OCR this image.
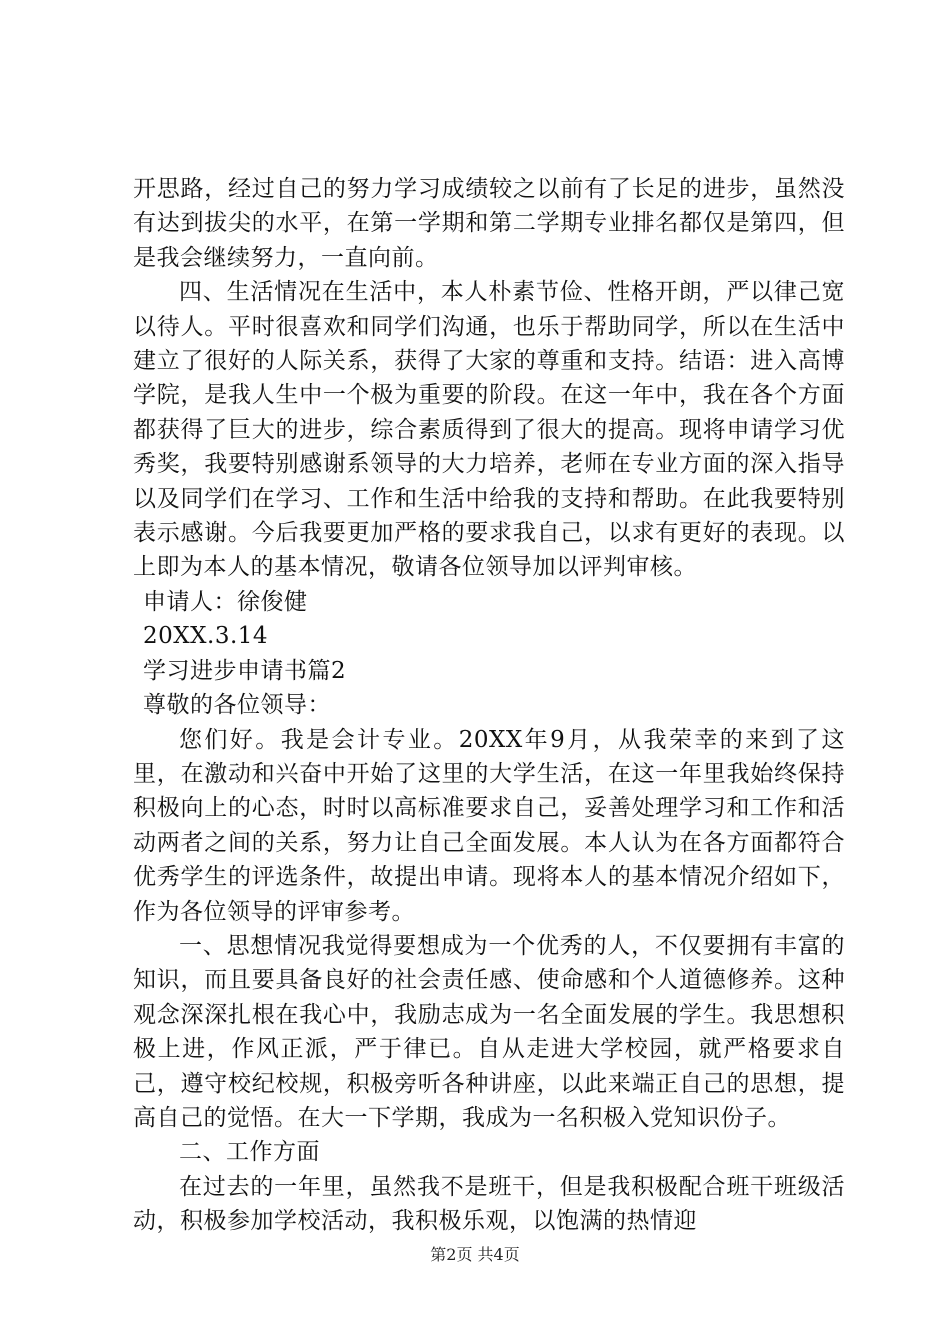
开思路，经过自己的努力学习成绩较之以前有了长足的进步，虽然没有达到拔尖的水平，在第一学期和第二学期专业排名都仅是第四，但是我会继续努力，一直向前。

四、生活情况在生活中，本人朴素节俭、性格开朗，严以律己宽以待人。平时很喜欢和同学们沟通，也乐于帮助同学，所以在生活中建立了很好的人际关系，获得了大家的尊重和支持。结语：进入高博学院，是我人生中一个极为重要的阶段。在这一年中，我在各个方面都获得了巨大的进步，综合素质得到了很大的提高。现将申请学习优秀奖，我要特别感谢系领导的大力培养，老师在专业方面的深入指导以及同学们在学习、工作和生活中给我的支持和帮助。在此我要特别表示感谢。今后我要更加严格的要求我自己，以求有更好的表现。以上即为本人的基本情况，敬请各位领导加以评判审核。

申请人：徐俊健

20XX.3.14

学习进步申请书篇2

尊敬的各位领导：

您们好。我是会计专业。20XX年9月，从我荣幸的来到了这里，在激动和兴奋中开始了这里的大学生活，在这一年里我始终保持积极向上的心态，时时以高标准要求自己，妥善处理学习和工作和活动两者之间的关系，努力让自己全面发展。本人认为在各方面都符合优秀学生的评选条件，故提出申请。现将本人的基本情况介绍如下，作为各位领导的评审参考。

一、思想情况我觉得要想成为一个优秀的人，不仅要拥有丰富的知识，而且要具备良好的社会责任感、使命感和个人道德修养。这种观念深深扎根在我心中，我励志成为一名全面发展的学生。我思想积极上进，作风正派，严于律已。自从走进大学校园，就严格要求自己，遵守校纪校规，积极旁听各种讲座，以此来端正自己的思想，提高自己的觉悟。在大一下学期，我成为一名积极入党知识份子。

二、工作方面

在过去的一年里，虽然我不是班干，但是我积极配合班干班级活动，积极参加学校活动，我积极乐观，以饱满的热情迎

第2页 共4页
